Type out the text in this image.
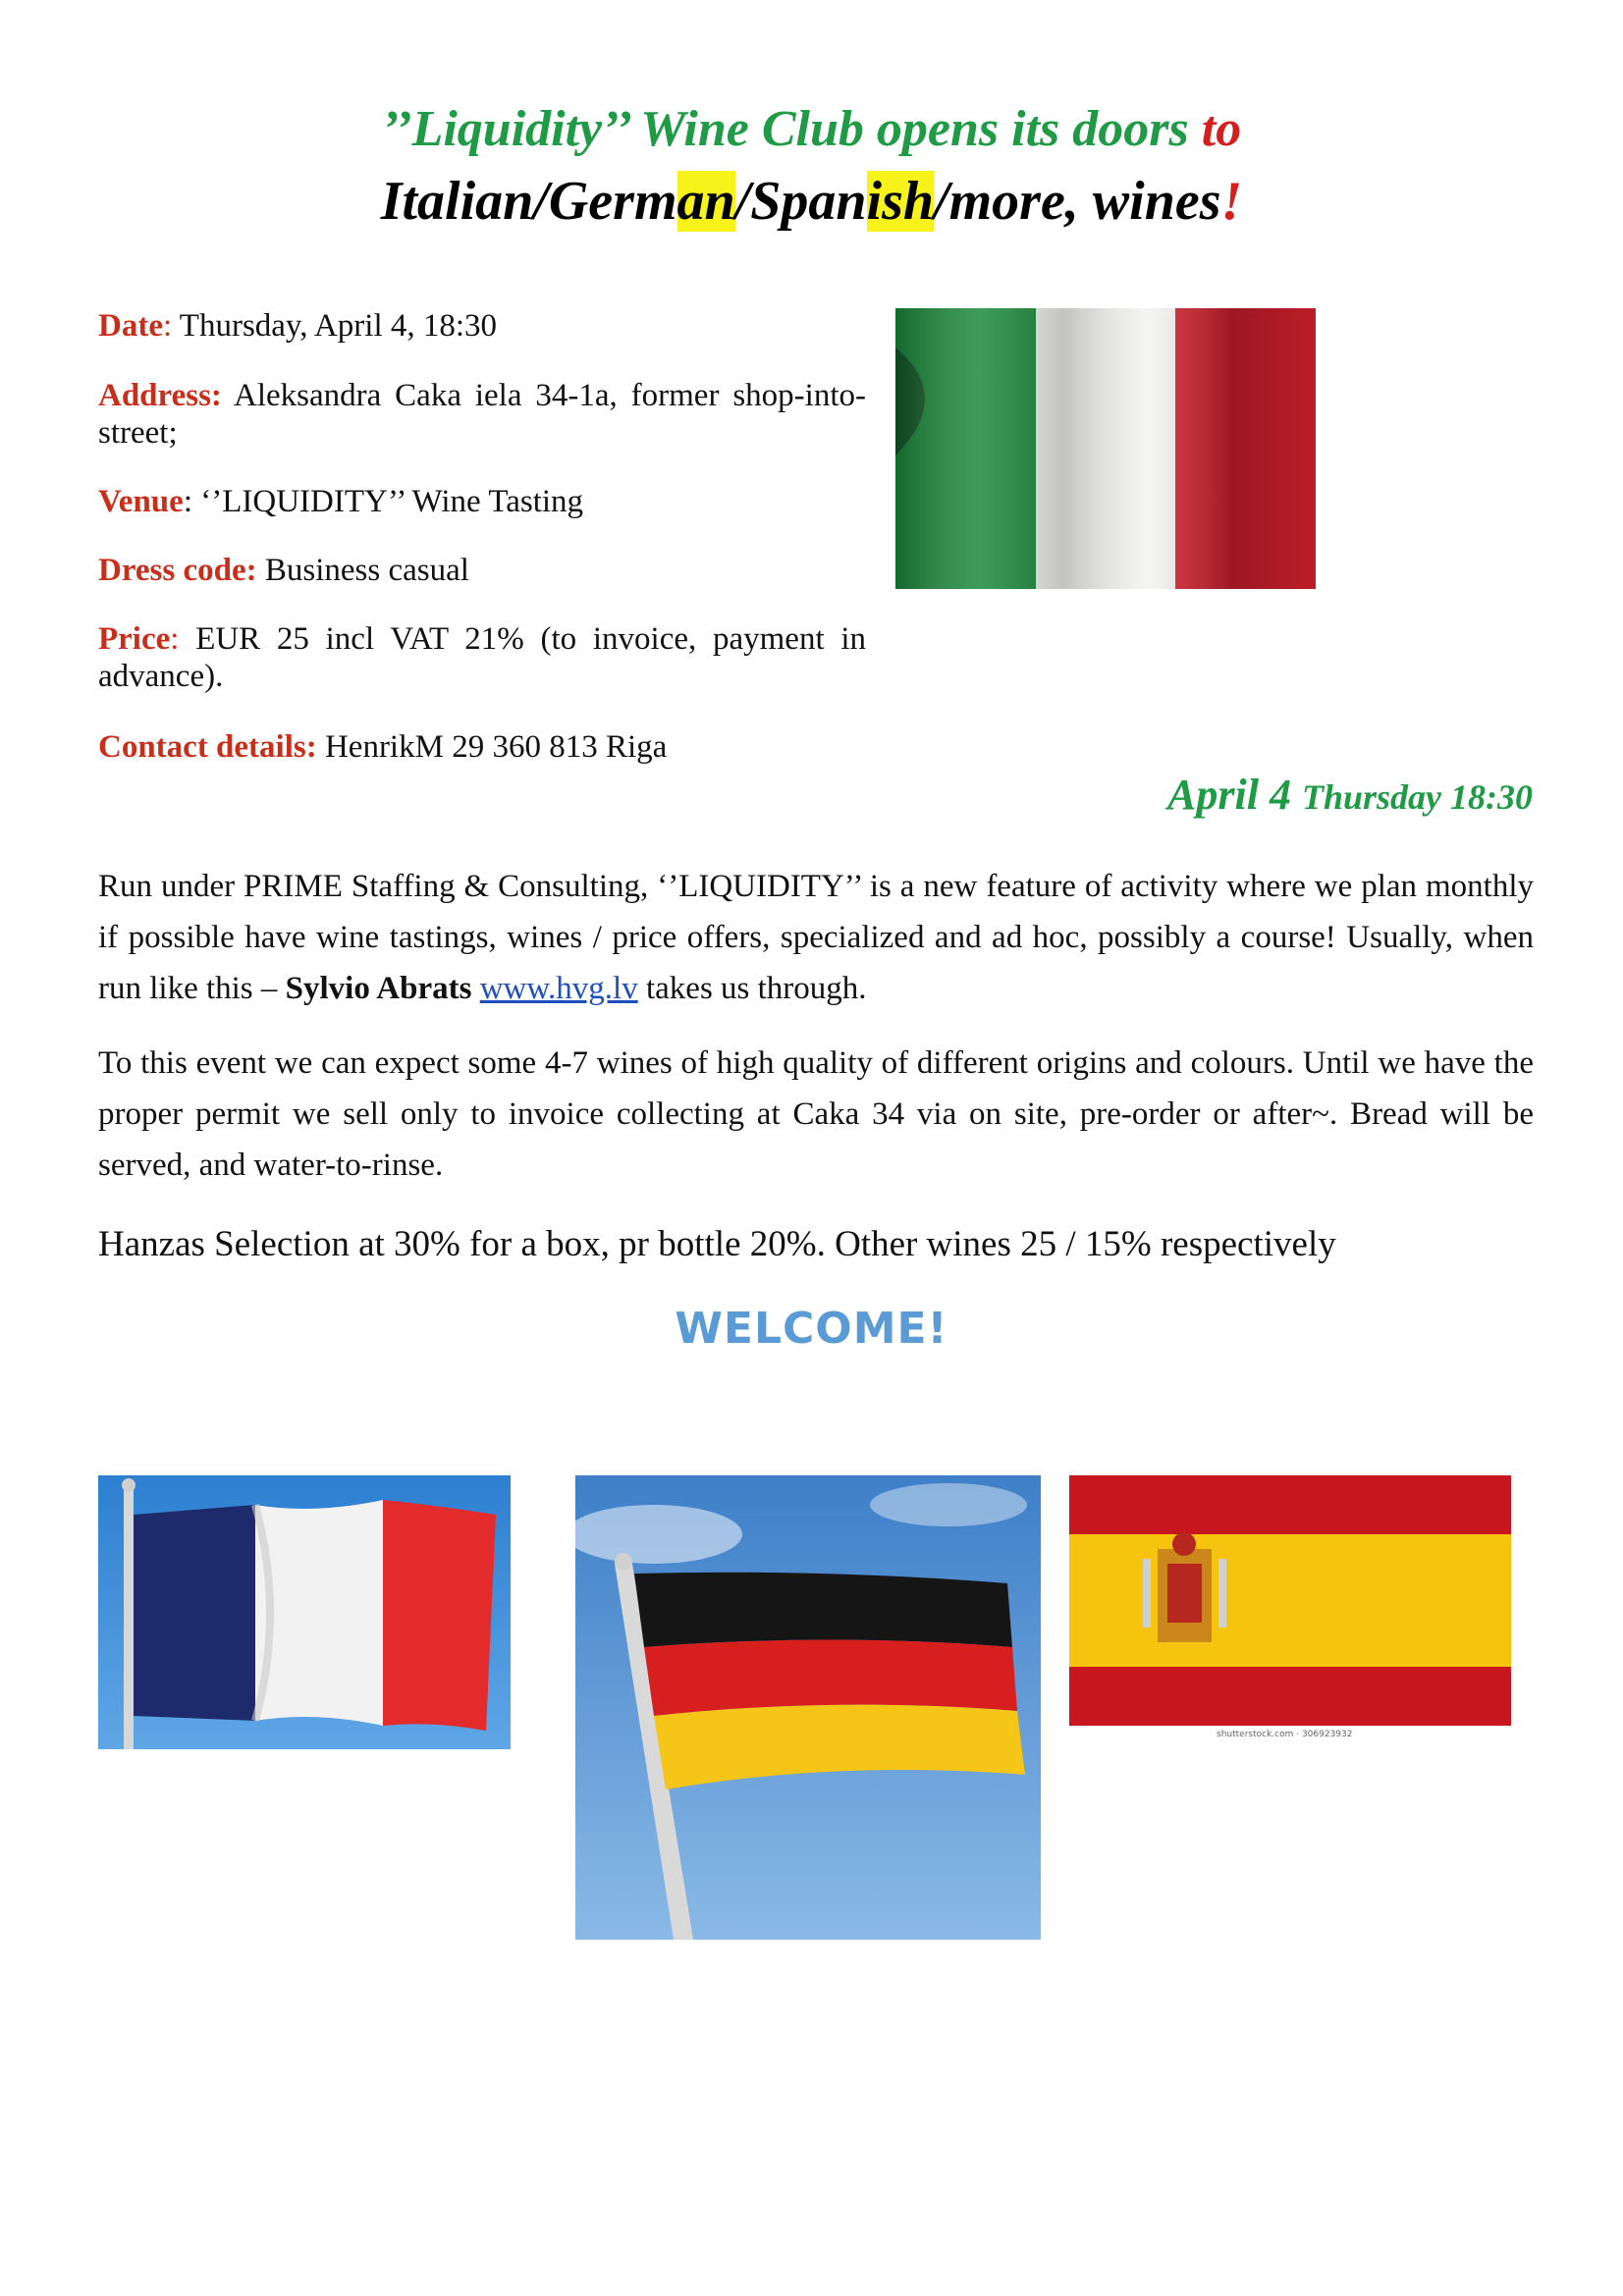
’’Liquidity’’ Wine Club opens its doors to
Italian/German/Spanish/more, wines!
Date: Thursday, April 4, 18:30
Address: Aleksandra Caka iela 34-1a, former shop-into-street;
Venue: ‘’LIQUIDITY’’ Wine Tasting
Dress code: Business casual
Price: EUR 25 incl VAT 21% (to invoice, payment in advance).
Contact details: HenrikM 29 360 813 Riga
April 4 Thursday 18:30
Run under PRIME Staffing & Consulting, ‘’LIQUIDITY’’ is a new feature of activity where we plan monthly if possible have wine tastings, wines / price offers, specialized and ad hoc, possibly a course! Usually, when run like this – Sylvio Abrats www.hvg.lv takes us through.
To this event we can expect some 4-7 wines of high quality of different origins and colours. Until we have the proper permit we sell only to invoice collecting at Caka 34 via on site, pre-order or after~. Bread will be served, and water-to-rinse.
Hanzas Selection at 30% for a box, pr bottle 20%. Other wines 25 / 15% respectively
WELCOME!
shutterstock.com · 306923932
